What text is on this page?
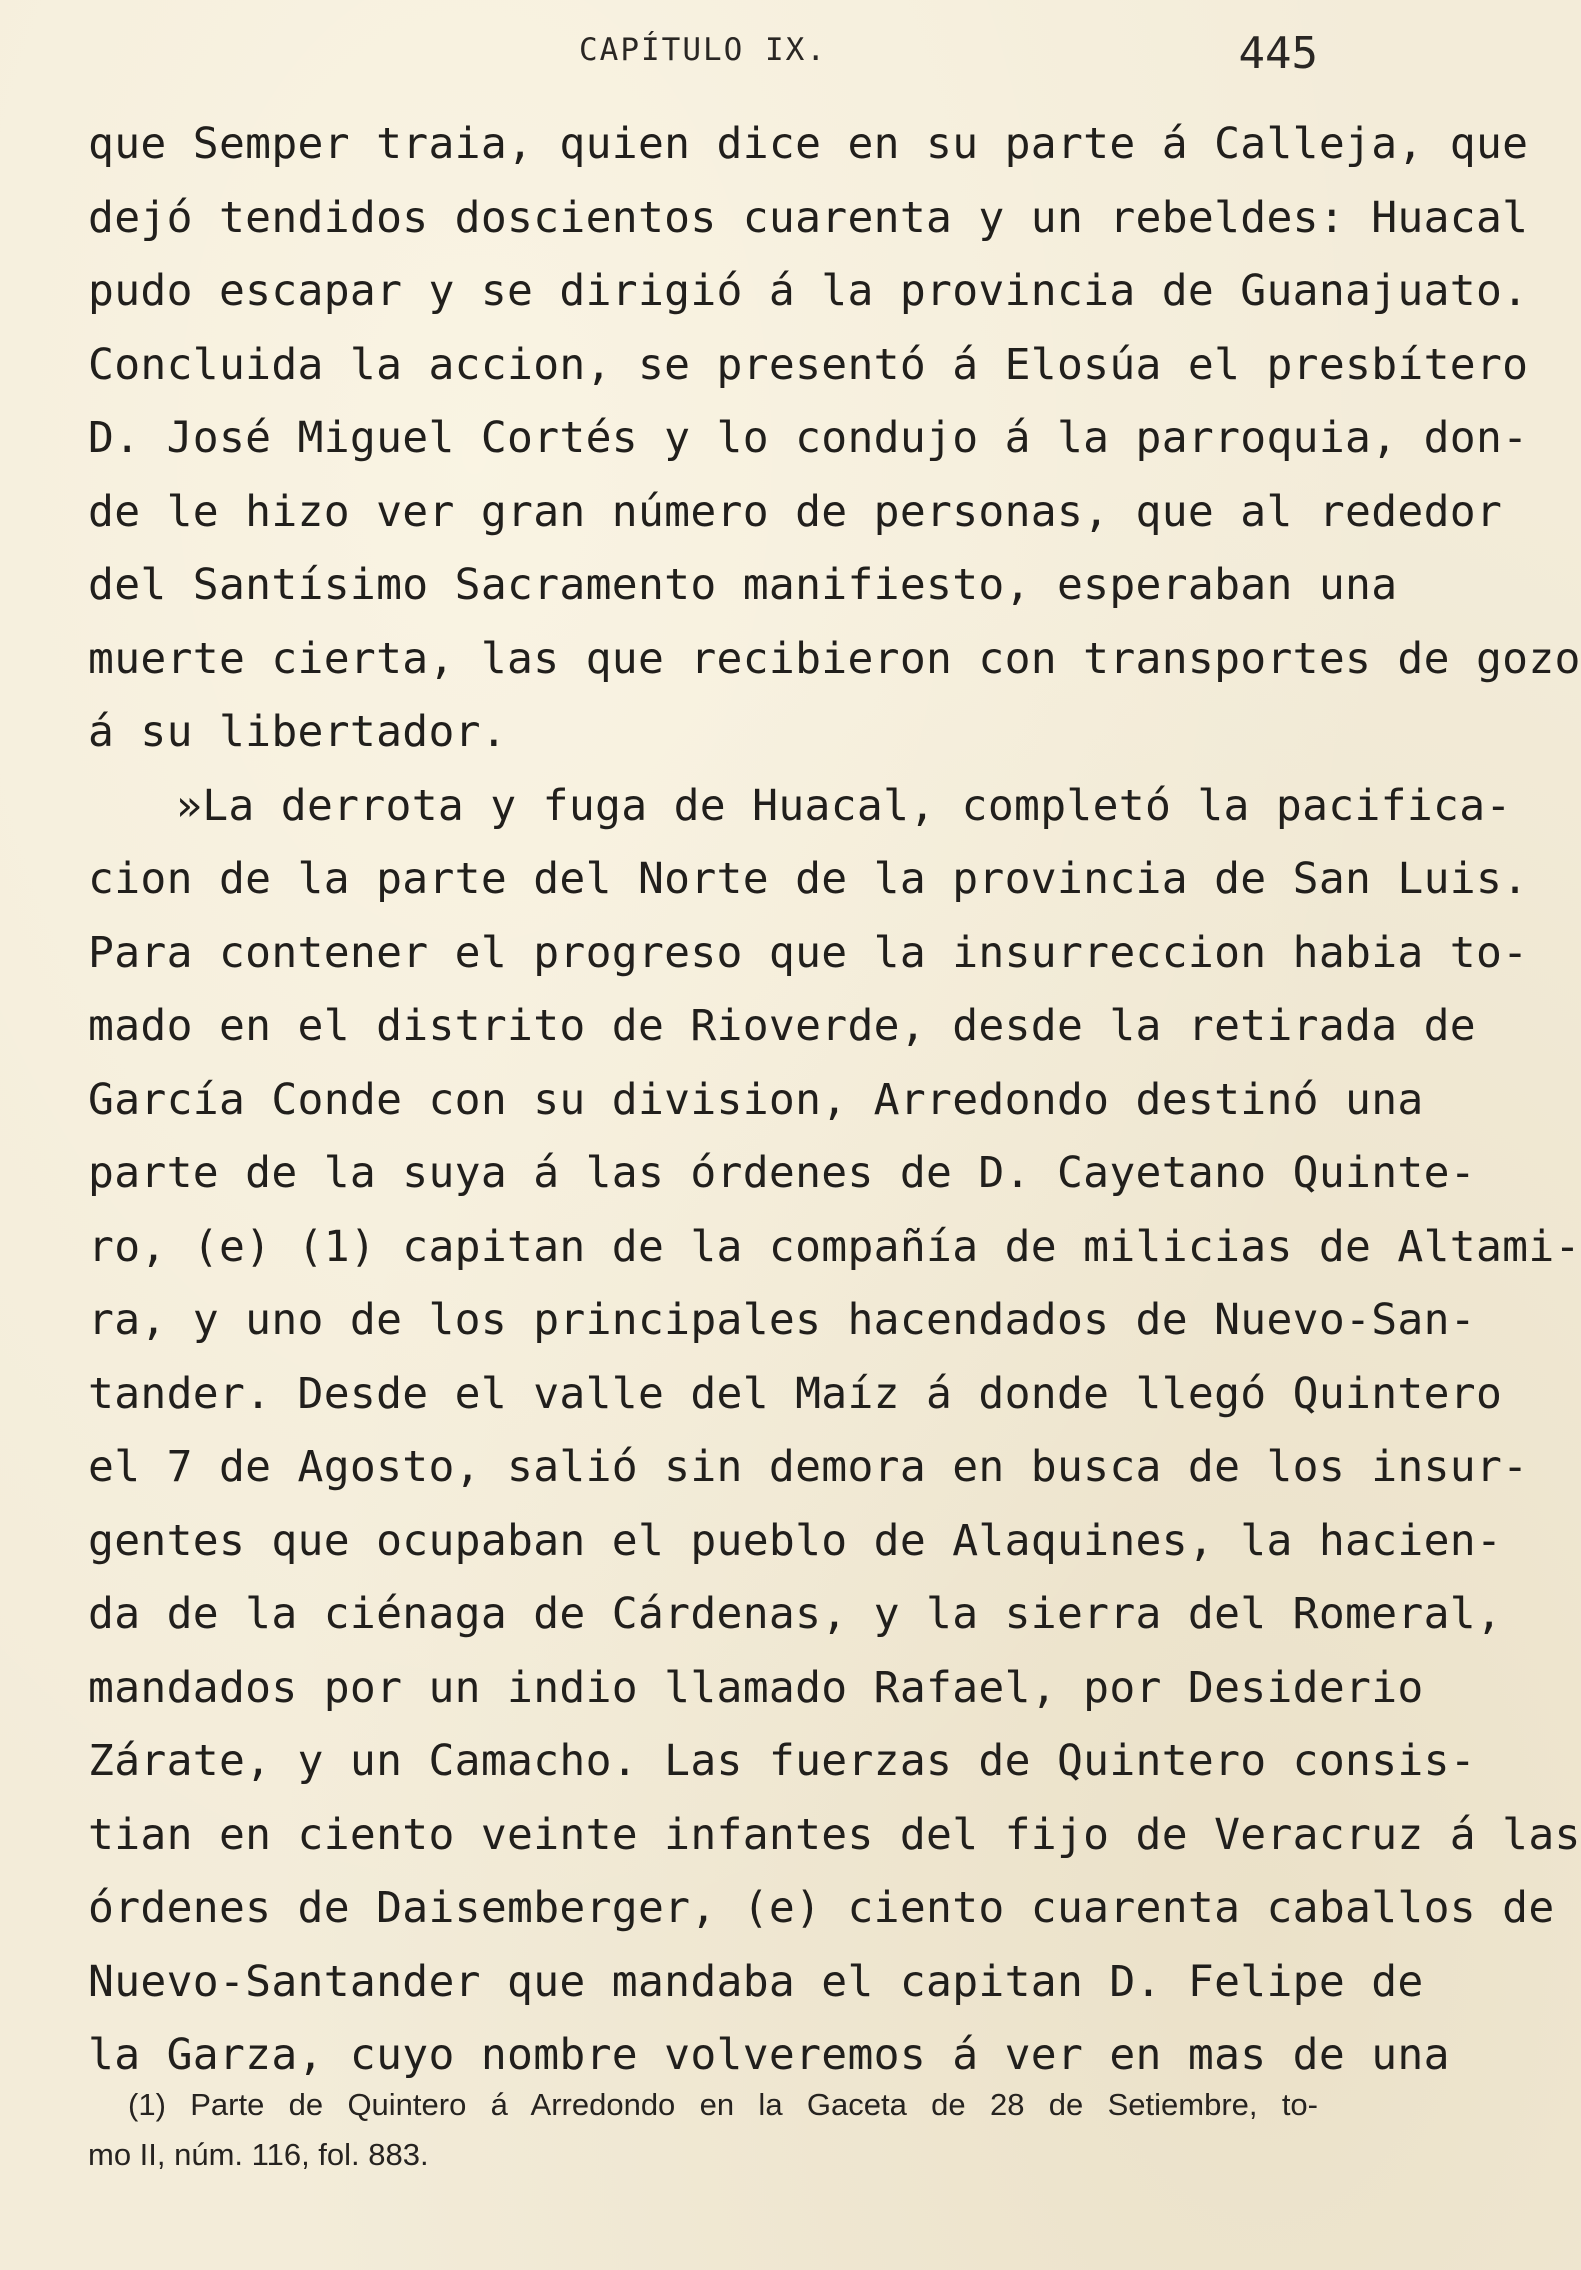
CAPÍTULO IX.	445
que Semper traia, quien dice en su parte á Calleja, que
dejó tendidos doscientos cuarenta y un rebeldes: Huacal
pudo escapar y se dirigió á la provincia de Guanajuato.
Concluida la accion, se presentó á Elosúa el presbítero
D. José Miguel Cortés y lo condujo á la parroquia, don-
de le hizo ver gran número de personas, que al rededor
del Santísimo Sacramento manifiesto, esperaban una
muerte cierta, las que recibieron con transportes de gozo
á su libertador.
»La derrota y fuga de Huacal, completó la pacifica-
cion de la parte del Norte de la provincia de San Luis.
Para contener el progreso que la insurreccion habia to-
mado en el distrito de Rioverde, desde la retirada de
García Conde con su division, Arredondo destinó una
parte de la suya á las órdenes de D. Cayetano Quinte-
ro, (e) (1) capitan de la compañía de milicias de Altami-
ra, y uno de los principales hacendados de Nuevo-San-
tander. Desde el valle del Maíz á donde llegó Quintero
el 7 de Agosto, salió sin demora en busca de los insur-
gentes que ocupaban el pueblo de Alaquines, la hacien-
da de la ciénaga de Cárdenas, y la sierra del Romeral,
mandados por un indio llamado Rafael, por Desiderio
Zárate, y un Camacho. Las fuerzas de Quintero consis-
tian en ciento veinte infantes del fijo de Veracruz á las
órdenes de Daisemberger, (e) ciento cuarenta caballos de
Nuevo-Santander que mandaba el capitan D. Felipe de
la Garza, cuyo nombre volveremos á ver en mas de una
(1) Parte de Quintero á Arredondo en la Gaceta de 28 de Setiembre, to-
mo II, núm. 116, fol. 883.
